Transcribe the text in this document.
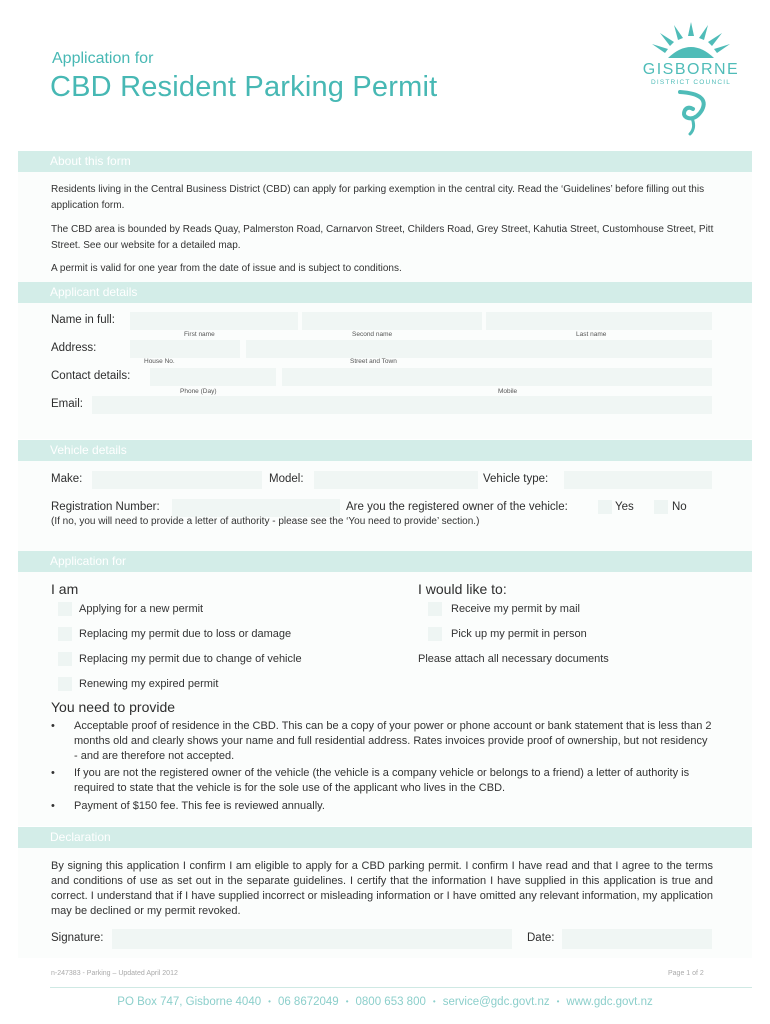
Application for
CBD Resident Parking Permit
GISBORNE
DISTRICT COUNCIL
About this form
Residents living in the Central Business District (CBD) can apply for parking exemption in the central city. Read the ‘Guidelines’ before filling out this application form.
The CBD area is bounded by Reads Quay, Palmerston Road, Carnarvon Street, Childers Road, Grey Street, Kahutia Street, Customhouse Street, Pitt Street. See our website for a detailed map.
A permit is valid for one year from the date of issue and is subject to conditions.
Applicant details
Name in full:
First name	Second name	Last name
Address:
House No.	Street and Town
Contact details:
Phone (Day)	Mobile
Email:
Vehicle details
Make:	Model:	Vehicle type:
Registration Number:	Are you the registered owner of the vehicle:	Yes	No
(If no, you will need to provide a letter of authority - please see the ‘You need to provide’ section.)
Application for
I am
Applying for a new permit
Replacing my permit due to loss or damage
Replacing my permit due to change of vehicle
Renewing my expired permit
I would like to:
Receive my permit by mail
Pick up my permit in person
Please attach all necessary documents
You need to provide
• Acceptable proof of residence in the CBD. This can be a copy of your power or phone account or bank statement that is less than 2 months old and clearly shows your name and full residential address. Rates invoices provide proof of ownership, but not residency - and are therefore not accepted.
• If you are not the registered owner of the vehicle (the vehicle is a company vehicle or belongs to a friend) a letter of authority is required to state that the vehicle is for the sole use of the applicant who lives in the CBD.
• Payment of $150 fee. This fee is reviewed annually.
Declaration
By signing this application I confirm I am eligible to apply for a CBD parking permit. I confirm I have read and that I agree to the terms and conditions of use as set out in the separate guidelines. I certify that the information I have supplied in this application is true and correct. I understand that if I have supplied incorrect or misleading information or I have omitted any relevant information, my application may be declined or my permit revoked.
Signature:	Date:
n-247383 - Parking – Updated April 2012	Page 1 of 2
PO Box 747, Gisborne 4040 • 06 8672049 • 0800 653 800 • service@gdc.govt.nz • www.gdc.govt.nz
